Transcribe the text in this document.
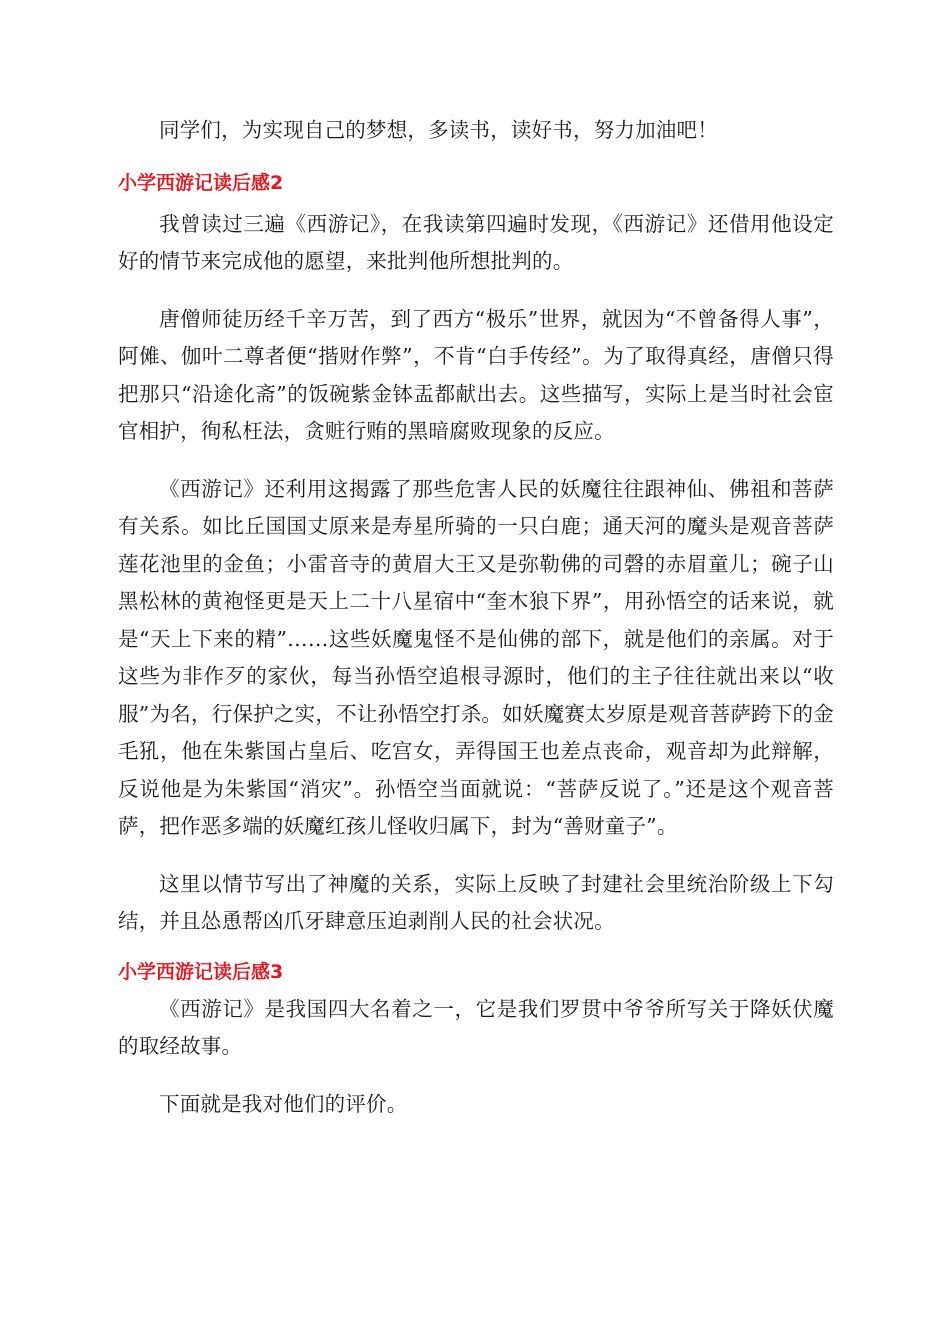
同学们，为实现自己的梦想，多读书，读好书，努力加油吧！

小学西游记读后感2

我曾读过三遍《西游记》，在我读第四遍时发现，《西游记》还借用他设定好的情节来完成他的愿望，来批判他所想批判的。

唐僧师徒历经千辛万苦，到了西方“极乐”世界，就因为“不曾备得人事”，阿傩、伽叶二尊者便“揩财作弊”，不肯“白手传经”。为了取得真经，唐僧只得把那只“沿途化斋”的饭碗紫金钵盂都献出去。这些描写，实际上是当时社会宦官相护，徇私枉法，贪赃行贿的黑暗腐败现象的反应。

《西游记》还利用这揭露了那些危害人民的妖魔往往跟神仙、佛祖和菩萨有关系。如比丘国国丈原来是寿星所骑的一只白鹿；通天河的魔头是观音菩萨莲花池里的金鱼；小雷音寺的黄眉大王又是弥勒佛的司磬的赤眉童儿；碗子山黑松林的黄袍怪更是天上二十八星宿中“奎木狼下界”，用孙悟空的话来说，就是“天上下来的精”……这些妖魔鬼怪不是仙佛的部下，就是他们的亲属。对于这些为非作歹的家伙，每当孙悟空追根寻源时，他们的主子往往就出来以“收服”为名，行保护之实，不让孙悟空打杀。如妖魔赛太岁原是观音菩萨跨下的金毛犼，他在朱紫国占皇后、吃宫女，弄得国王也差点丧命，观音却为此辩解，反说他是为朱紫国“消灾”。孙悟空当面就说：“菩萨反说了。”还是这个观音菩萨，把作恶多端的妖魔红孩儿怪收归属下，封为“善财童子”。

这里以情节写出了神魔的关系，实际上反映了封建社会里统治阶级上下勾结，并且怂恿帮凶爪牙肆意压迫剥削人民的社会状况。

小学西游记读后感3

《西游记》是我国四大名着之一，它是我们罗贯中爷爷所写关于降妖伏魔的取经故事。

下面就是我对他们的评价。
